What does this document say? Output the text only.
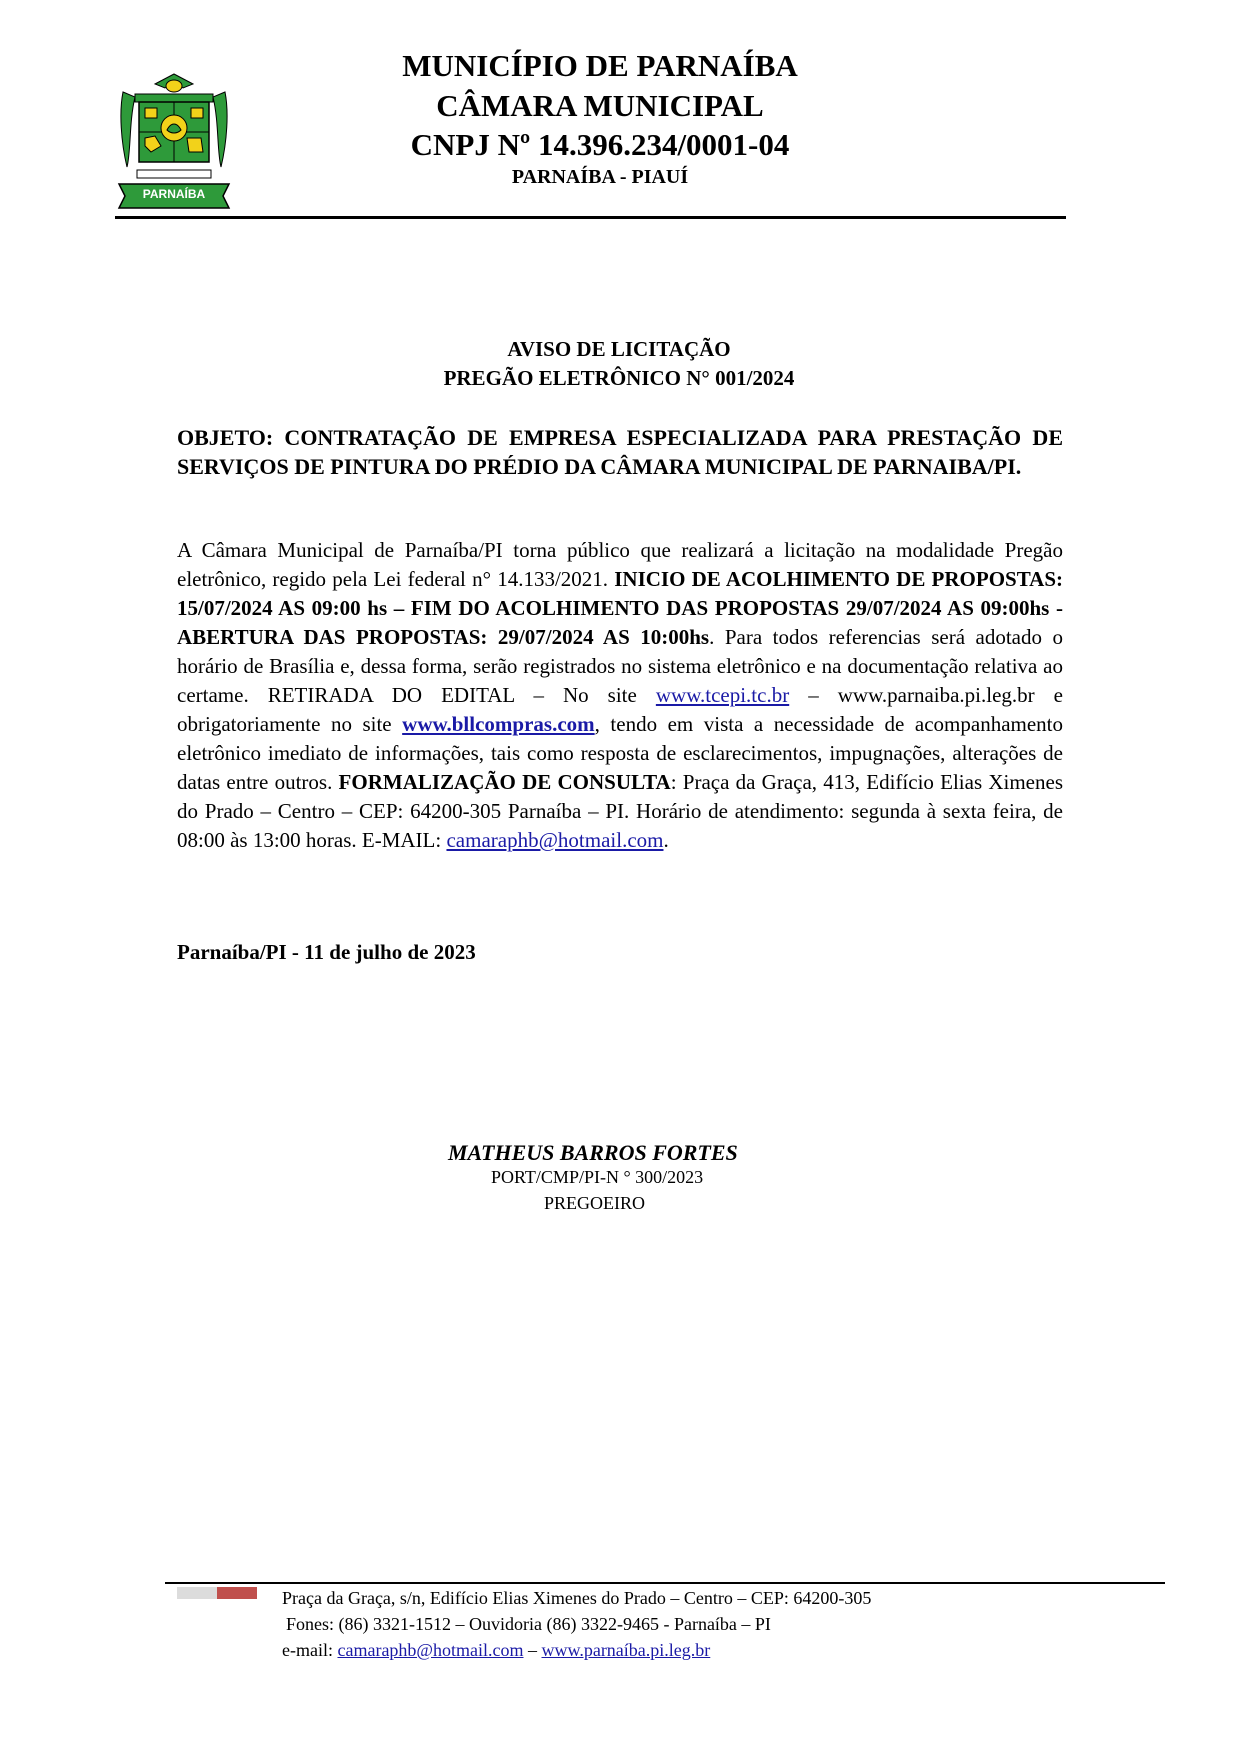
PARNAÍBA
MUNICÍPIO DE PARNAÍBA
CÂMARA MUNICIPAL
CNPJ Nº 14.396.234/0001-04
PARNAÍBA - PIAUÍ
AVISO DE LICITAÇÃO
PREGÃO ELETRÔNICO N° 001/2024
OBJETO: CONTRATAÇÃO DE EMPRESA ESPECIALIZADA PARA PRESTAÇÃO DE SERVIÇOS DE PINTURA DO PRÉDIO DA CÂMARA MUNICIPAL DE PARNAIBA/PI.
A Câmara Municipal de Parnaíba/PI torna público que realizará a licitação na modalidade Pregão eletrônico, regido pela Lei federal n° 14.133/2021. INICIO DE ACOLHIMENTO DE PROPOSTAS: 15/07/2024 AS 09:00 hs – FIM DO ACOLHIMENTO DAS PROPOSTAS 29/07/2024 AS 09:00hs - ABERTURA DAS PROPOSTAS: 29/07/2024 AS 10:00hs. Para todos referencias será adotado o horário de Brasília e, dessa forma, serão registrados no sistema eletrônico e na documentação relativa ao certame. RETIRADA DO EDITAL – No site www.tcepi.tc.br – www.parnaiba.pi.leg.br e obrigatoriamente no site www.bllcompras.com, tendo em vista a necessidade de acompanhamento eletrônico imediato de informações, tais como resposta de esclarecimentos, impugnações, alterações de datas entre outros. FORMALIZAÇÃO DE CONSULTA: Praça da Graça, 413, Edifício Elias Ximenes do Prado – Centro – CEP: 64200-305 Parnaíba – PI. Horário de atendimento: segunda à sexta feira, de 08:00 às 13:00 horas. E-MAIL: camaraphb@hotmail.com.
Parnaíba/PI - 11 de julho de 2023
MATHEUS BARROS FORTES
PORT/CMP/PI-N ° 300/2023
PREGOEIRO
Praça da Graça, s/n, Edifício Elias Ximenes do Prado – Centro – CEP: 64200-305
Fones: (86) 3321-1512 – Ouvidoria (86) 3322-9465 - Parnaíba – PI
e-mail: camaraphb@hotmail.com – www.parnaíba.pi.leg.br
